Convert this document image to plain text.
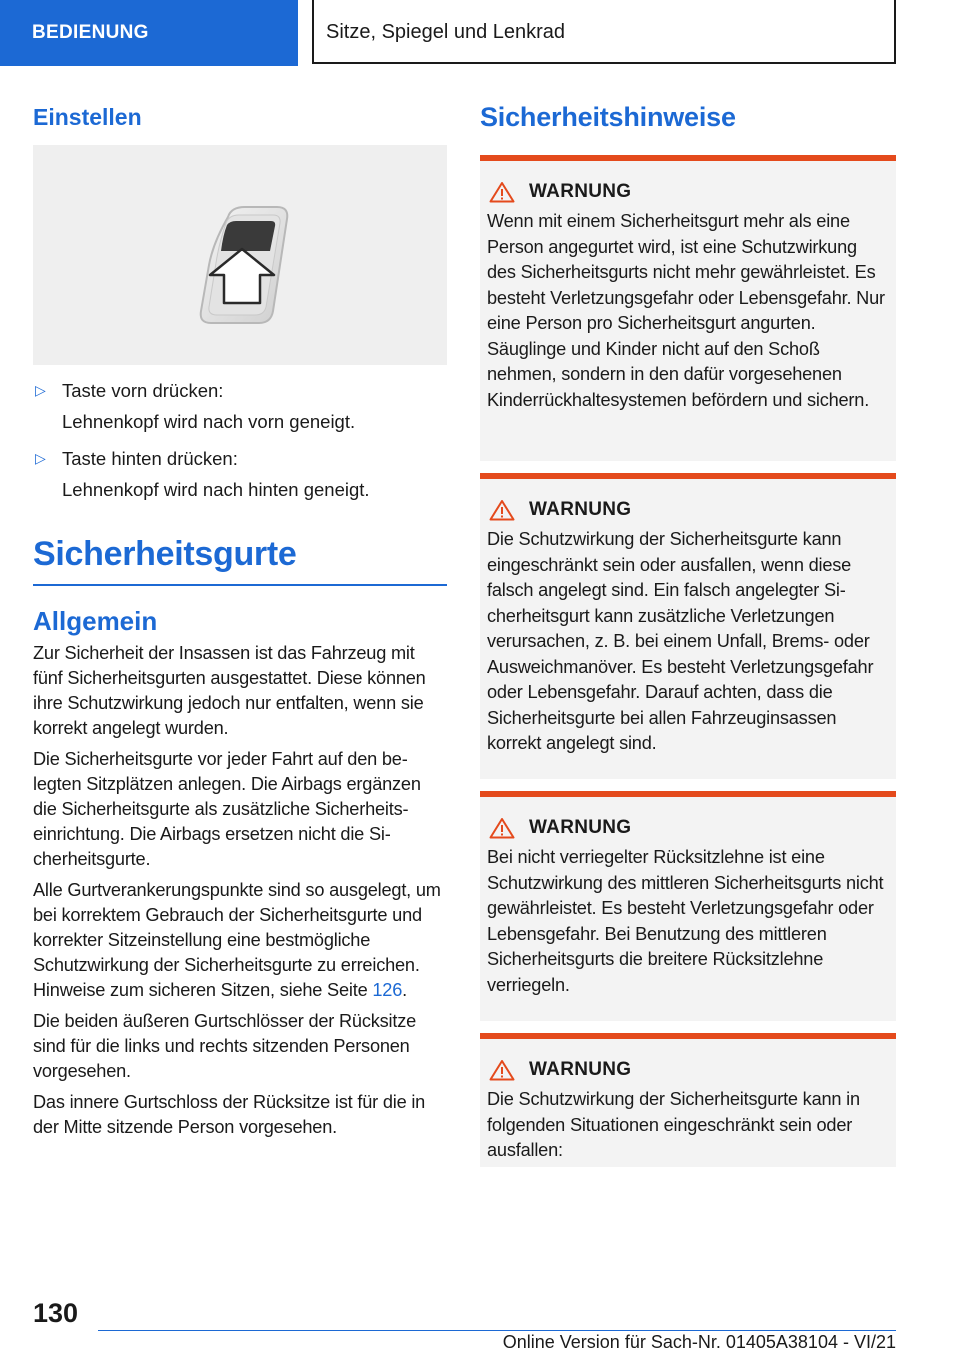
BEDIENUNG	Sitze, Spiegel und Lenkrad
Einstellen
▷ Taste vorn drücken:
Lehnenkopf wird nach vorn geneigt.
▷ Taste hinten drücken:
Lehnenkopf wird nach hinten geneigt.
Sicherheitsgurte
Allgemein

Zur Sicherheit der Insassen ist das Fahrzeug mit fünf Sicherheitsgurten ausgestattet. Diese können ihre Schutzwirkung jedoch nur entfalten, wenn sie korrekt angelegt wurden.

Die Sicherheitsgurte vor jeder Fahrt auf den belegten Sitzplätzen anlegen. Die Airbags ergänzen die Sicherheitsgurte als zusätzliche Sicherheitseinrichtung. Die Airbags ersetzen nicht die Sicherheitsgurte.

Alle Gurtverankerungspunkte sind so ausgelegt, um bei korrektem Gebrauch der Sicherheitsgurte und korrekter Sitzeinstellung eine bestmögliche Schutzwirkung der Sicherheitsgurte zu erreichen. Hinweise zum sicheren Sitzen, siehe Seite 126.

Die beiden äußeren Gurtschlösser der Rücksitze sind für die links und rechts sitzenden Personen vorgesehen.

Das innere Gurtschloss der Rücksitze ist für die in der Mitte sitzende Person vorgesehen.

Sicherheitshinweise
WARNUNG
Wenn mit einem Sicherheitsgurt mehr als eine Person angegurtet wird, ist eine Schutzwirkung des Sicherheitsgurts nicht mehr gewährleistet. Es besteht Verletzungsgefahr oder Lebensgefahr. Nur eine Person pro Sicherheitsgurt angurten. Säuglinge und Kinder nicht auf den Schoß nehmen, sondern in den dafür vorgesehenen Kinderrückhaltesystemen befördern und sichern.
WARNUNG
Die Schutzwirkung der Sicherheitsgurte kann eingeschränkt sein oder ausfallen, wenn diese falsch angelegt sind. Ein falsch angelegter Sicherheitsgurt kann zusätzliche Verletzungen verursachen, z. B. bei einem Unfall, Brems- oder Ausweichmanöver. Es besteht Verletzungsgefahr oder Lebensgefahr. Darauf achten, dass die Sicherheitsgurte bei allen Fahrzeuginsassen korrekt angelegt sind.
WARNUNG
Bei nicht verriegelter Rücksitzlehne ist eine Schutzwirkung des mittleren Sicherheitsgurts nicht gewährleistet. Es besteht Verletzungsgefahr oder Lebensgefahr. Bei Benutzung des mittleren Sicherheitsgurts die breitere Rücksitzlehne verriegeln.
WARNUNG
Die Schutzwirkung der Sicherheitsgurte kann in folgenden Situationen eingeschränkt sein oder ausfallen:
130
Online Version für Sach-Nr. 01405A38104 - VI/21
